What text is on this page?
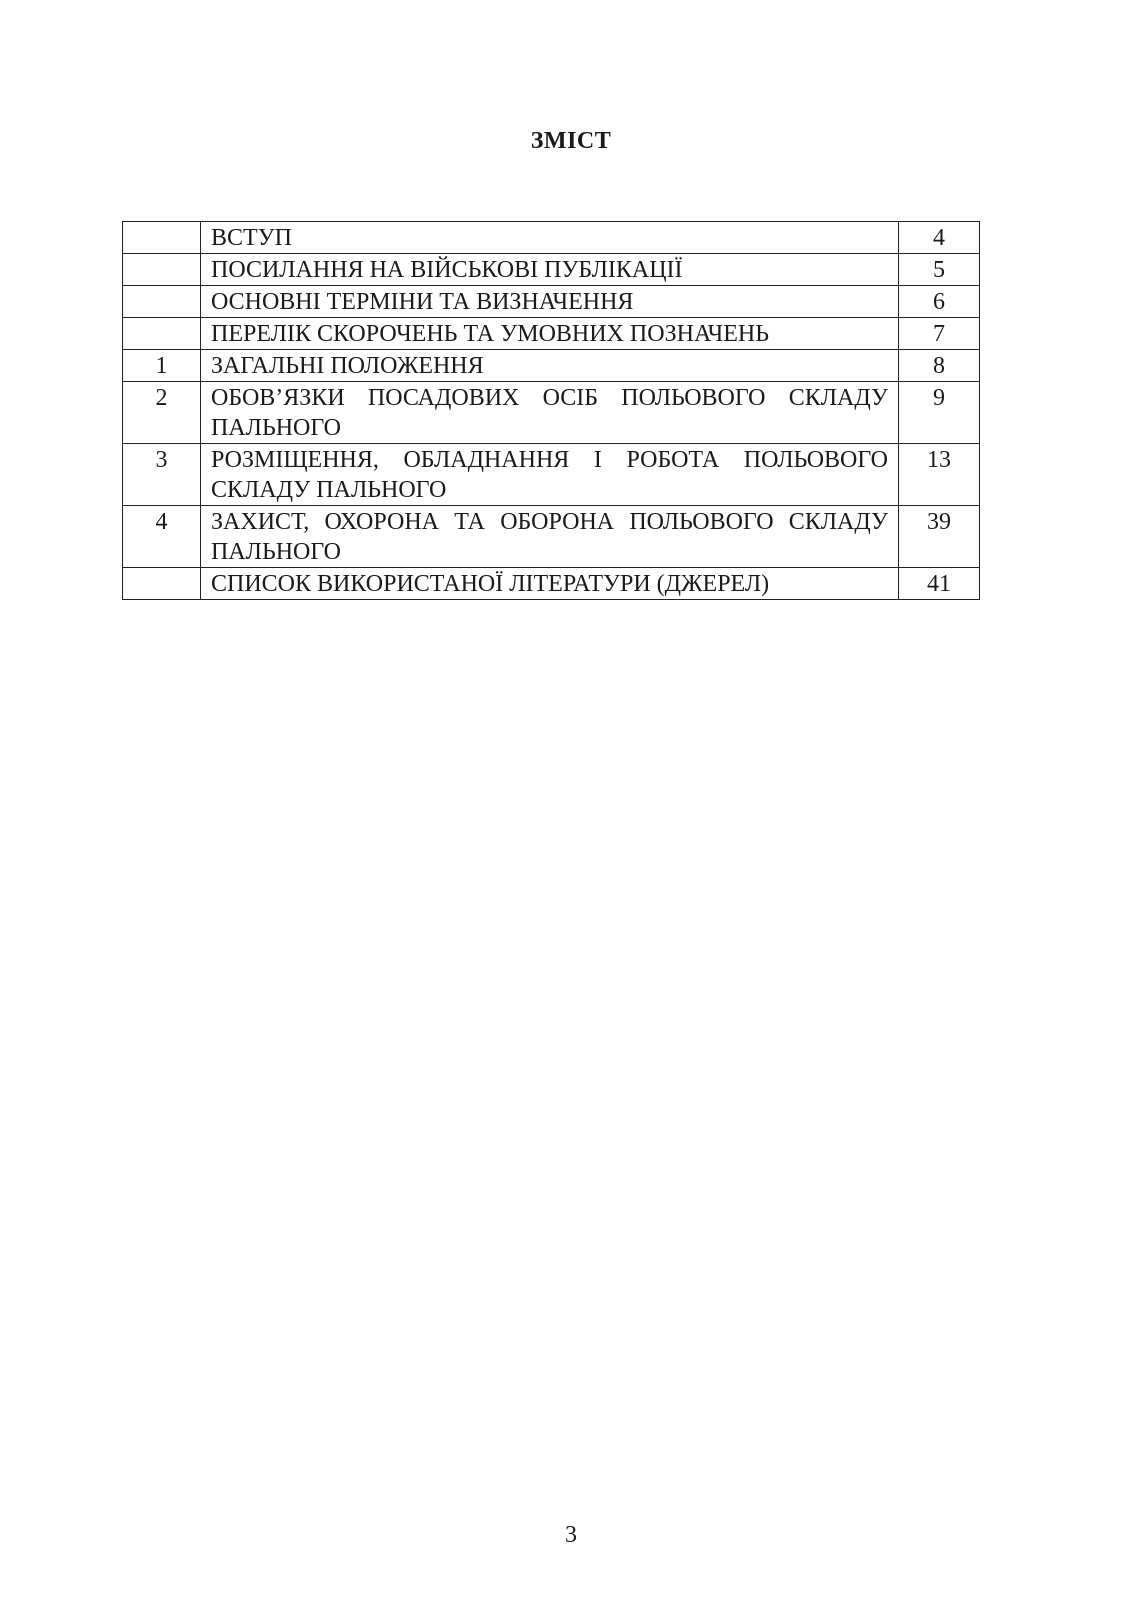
ЗМІСТ
	ВСТУП	4
	ПОСИЛАННЯ НА ВІЙСЬКОВІ ПУБЛІКАЦІЇ	5
	ОСНОВНІ ТЕРМІНИ ТА ВИЗНАЧЕННЯ	6
	ПЕРЕЛІК СКОРОЧЕНЬ ТА УМОВНИХ ПОЗНАЧЕНЬ	7
1	ЗАГАЛЬНІ ПОЛОЖЕННЯ	8
2	ОБОВ’ЯЗКИ ПОСАДОВИХ ОСІБ ПОЛЬОВОГО СКЛАДУ ПАЛЬНОГО	9
3	РОЗМІЩЕННЯ, ОБЛАДНАННЯ І РОБОТА ПОЛЬОВОГО СКЛАДУ ПАЛЬНОГО	13
4	ЗАХИСТ, ОХОРОНА ТА ОБОРОНА ПОЛЬОВОГО СКЛАДУ ПАЛЬНОГО	39
	СПИСОК ВИКОРИСТАНОЇ ЛІТЕРАТУРИ (ДЖЕРЕЛ)	41
3
